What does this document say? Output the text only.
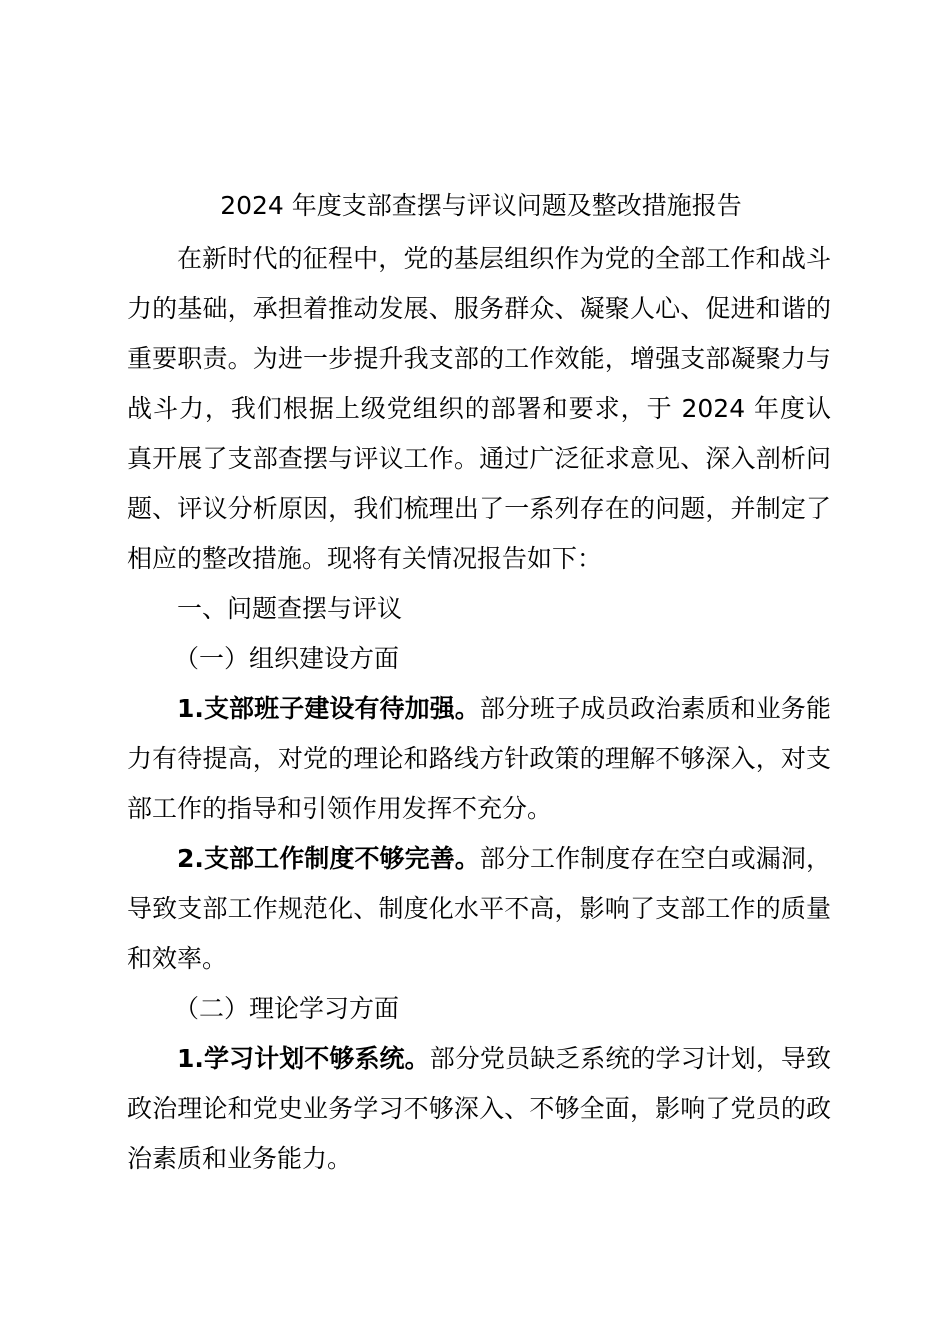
2024 年度支部查摆与评议问题及整改措施报告

在新时代的征程中，党的基层组织作为党的全部工作和战斗力的基础，承担着推动发展、服务群众、凝聚人心、促进和谐的重要职责。为进一步提升我支部的工作效能，增强支部凝聚力与战斗力，我们根据上级党组织的部署和要求，于 2024 年度认真开展了支部查摆与评议工作。通过广泛征求意见、深入剖析问题、评议分析原因，我们梳理出了一系列存在的问题，并制定了相应的整改措施。现将有关情况报告如下：

一、问题查摆与评议

（一）组织建设方面

1.支部班子建设有待加强。部分班子成员政治素质和业务能力有待提高，对党的理论和路线方针政策的理解不够深入，对支部工作的指导和引领作用发挥不充分。

2.支部工作制度不够完善。部分工作制度存在空白或漏洞，导致支部工作规范化、制度化水平不高，影响了支部工作的质量和效率。

（二）理论学习方面

1.学习计划不够系统。部分党员缺乏系统的学习计划，导致政治理论和党史业务学习不够深入、不够全面，影响了党员的政治素质和业务能力。
